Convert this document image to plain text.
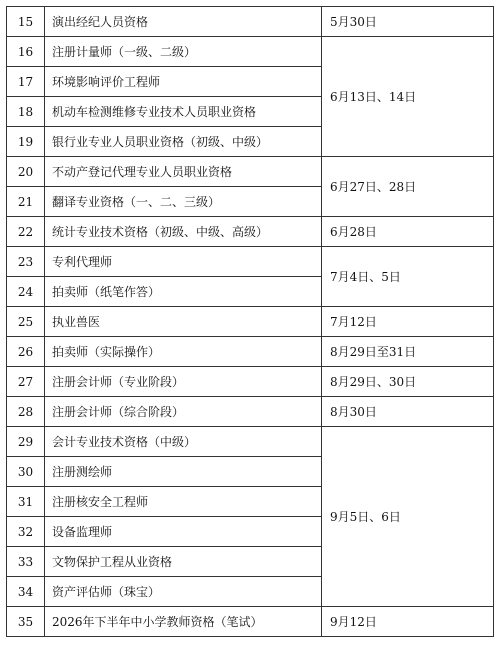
15	演出经纪人员资格	5月30日
16	注册计量师（一级、二级）	6月13日、14日
17	环境影响评价工程师	
18	机动车检测维修专业技术人员职业资格	
19	银行业专业人员职业资格（初级、中级）	
20	不动产登记代理专业人员职业资格	6月27日、28日
21	翻译专业资格（一、二、三级）	
22	统计专业技术资格（初级、中级、高级）	6月28日
23	专利代理师	7月4日、5日
24	拍卖师（纸笔作答）	
25	执业兽医	7月12日
26	拍卖师（实际操作）	8月29日至31日
27	注册会计师（专业阶段）	8月29日、30日
28	注册会计师（综合阶段）	8月30日
29	会计专业技术资格（中级）	9月5日、6日
30	注册测绘师	
31	注册核安全工程师	
32	设备监理师	
33	文物保护工程从业资格	
34	资产评估师（珠宝）	
35	2026年下半年中小学教师资格（笔试）	9月12日
